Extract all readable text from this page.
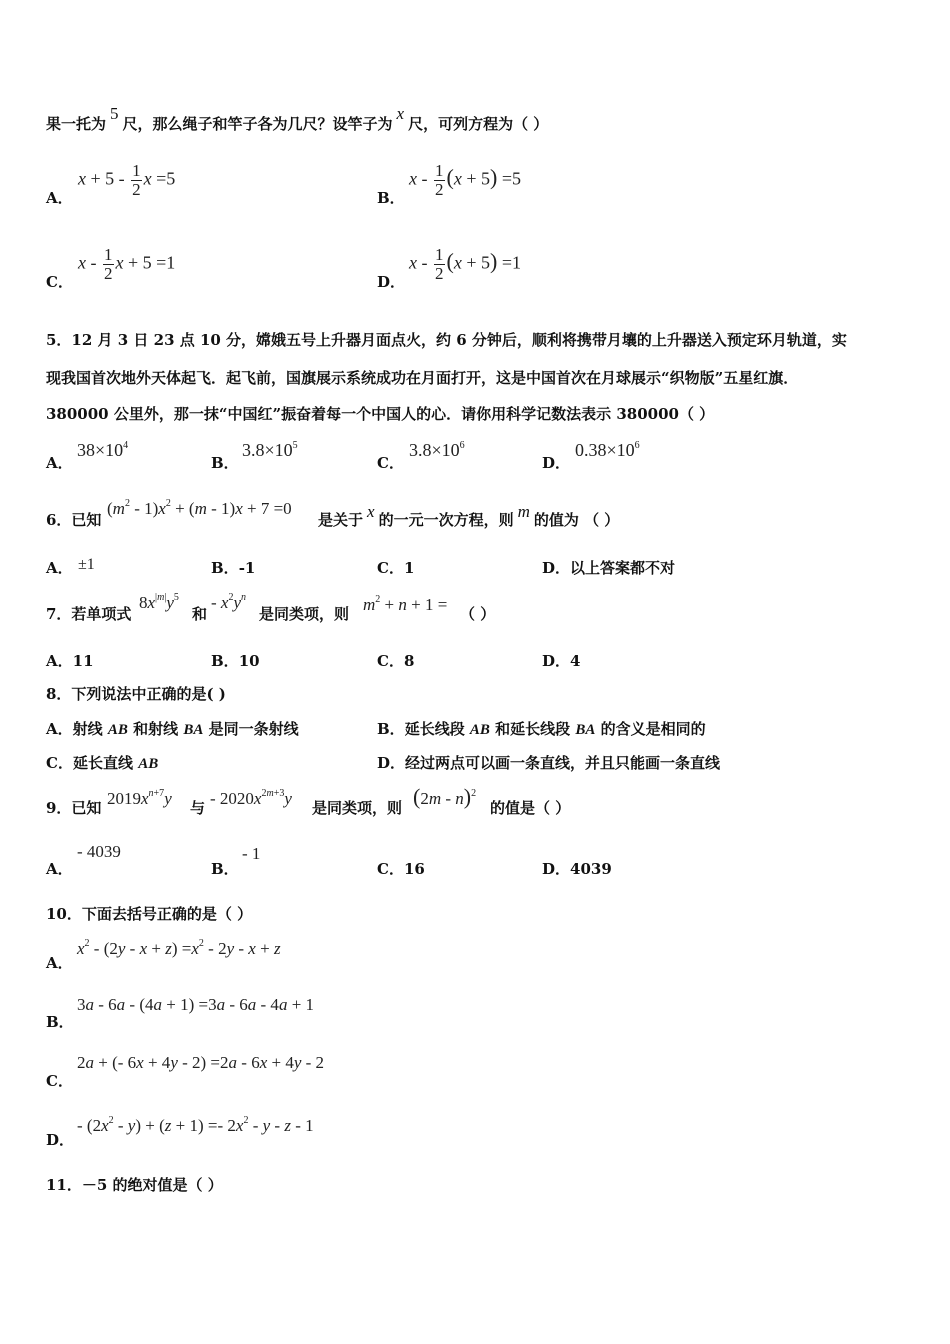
果一托为5尺，那么绳子和竿子各为几尺？设竿子为x尺，可列方程为（ ）
A．
$x + 5 - \frac{1}{2}$ x =5
B．
$x - \frac{1}{2} (x + 5) =5$
C．
x - $\frac{1}{2}$ x + 5 =1
D．
$x - \frac{1}{2} (x + 5) =1$
5．12 月 3 日 23 点 10 分，嫦娥五号上升器月面点火，约 6 分钟后，顺利将携带月壤的上升器送入预定环月轨道，实
现我国首次地外天体起飞．起飞前，国旗展示系统成功在月面打开，这是中国首次在月球展示“织物版”五星红旗．
380000 公里外，那一抹“中国红”振奋着每一个中国人的心．请你用科学记数法表示 380000（ ）
A．
$38\times 10^4$
B．
$3.8\times 10^5$
C．
$3.8\times 10^6$
D．
$0.38\times 10^6$
6．已知
$(m^2 - 1)x^2 + (m - 1)x + 7 =0$
是关于 x 的一元一次方程，则 m 的值为 （ ）
A． ±1	B．-1	C．1	D．以上答案都不对
7．若单项式
$8x^{|m|}y^5$
和
- $x^2y^n$
是同类项，则 $m^2 + n + 1$ = （ ）
A．11	B．10	C．8	D．4
8．下列说法中正确的是( )
A．射线 AB 和射线 BA 是同一条射线	B．延长线段 AB 和延长线段 BA 的含义是相同的
C．延长直线 AB	D．经过两点可以画一条直线，并且只能画一条直线
9．已知 $2019x^{n+7}y$ 与 - $2020x^{2m+3}y$ 是同类项，则 (2m - n)$^2$
的值是（ ）
A．
- 4039
B．
- 1
C．16	D．4039
10．下面去括号正确的是（ ）
A．
$x^2 - (2y - x + z) =x^2 - 2y - x + z$
B．
3a - 6a - (4a + 1) =3a - 6a - 4a + 1
C．
2a + (- 6x + 4y - 2) =2a - 6x + 4y - 2
D．
- $(2x^2 - y) + (z + 1) =- 2x^2 - y - z - 1$
11．－5 的绝对值是（ ）
